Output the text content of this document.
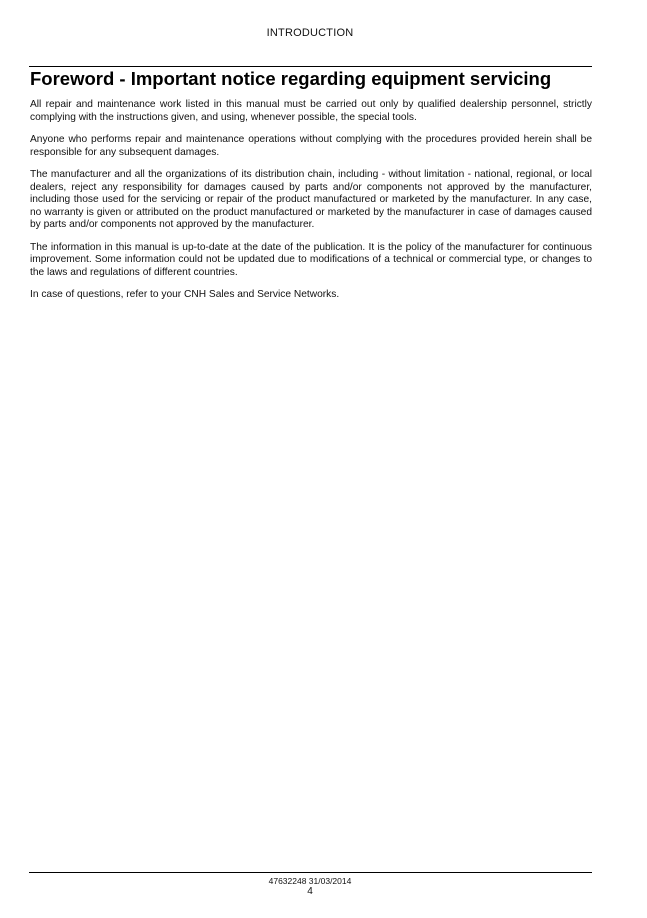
INTRODUCTION
Foreword - Important notice regarding equipment servicing

All repair and maintenance work listed in this manual must be carried out only by qualified dealership personnel, strictly complying with the instructions given, and using, whenever possible, the special tools.

Anyone who performs repair and maintenance operations without complying with the procedures provided herein shall be responsible for any subsequent damages.

The manufacturer and all the organizations of its distribution chain, including - without limitation - national, regional, or local dealers, reject any responsibility for damages caused by parts and/or components not approved by the manufacturer, including those used for the servicing or repair of the product manufactured or marketed by the manufacturer. In any case, no warranty is given or attributed on the product manufactured or marketed by the manufacturer in case of damages caused by parts and/or components not approved by the manufacturer.

The information in this manual is up-to-date at the date of the publication. It is the policy of the manufacturer for continuous improvement. Some information could not be updated due to modifications of a technical or commercial type, or changes to the laws and regulations of different countries.

In case of questions, refer to your CNH Sales and Service Networks.

47632248 31/03/2014
4
